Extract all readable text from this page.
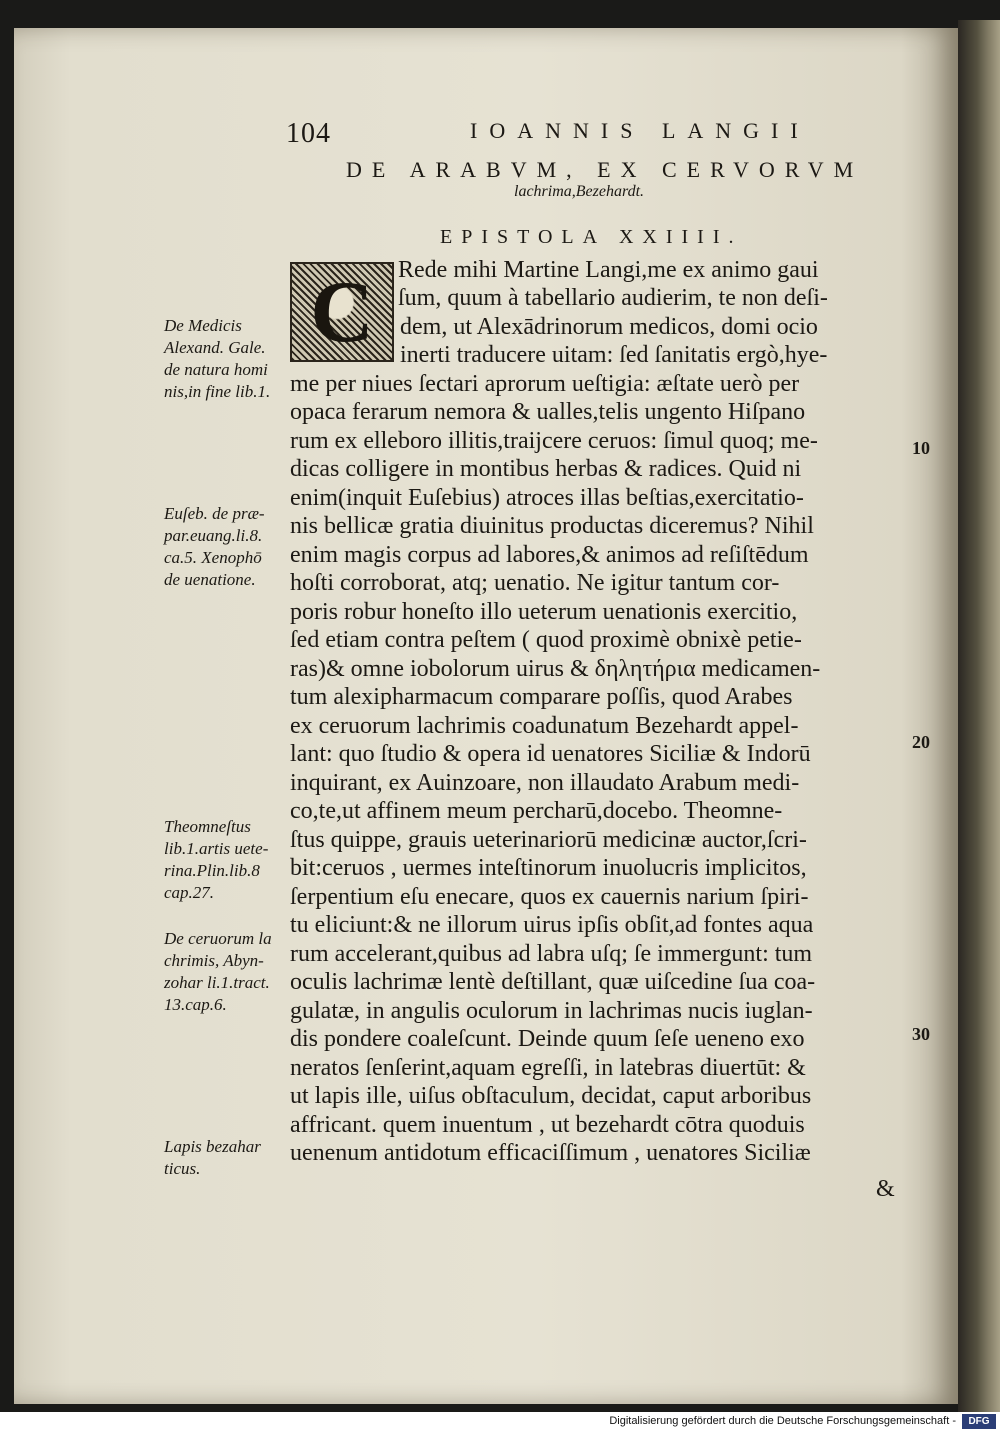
104	IOANNIS LANGII
DE ARABVM, EX CERVORVM
lachrima,Bezehardt.
EPISTOLA XXIIII.
C Rede mihi Martine Langi,me ex animo gaui
ſum, quum à tabellario audierim, te non deſi-
dem, ut Alexādrinorum medicos, domi ocio
inerti traducere uitam: ſed ſanitatis ergò,hye-
me per niues ſectari aprorum ueſtigia: æſtate uerò per
opaca ferarum nemora & ualles,telis ungento Hiſpano
rum ex elleboro illitis,traijcere ceruos: ſimul quoq; me-
dicas colligere in montibus herbas & radices. Quid ni
enim(inquit Euſebius) atroces illas beſtias,exercitatio-
nis bellicæ gratia diuinitus productas diceremus? Nihil
enim magis corpus ad labores,& animos ad reſiſtēdum
hoſti corroborat, atq; uenatio. Ne igitur tantum cor-
poris robur honeſto illo ueterum uenationis exercitio,
ſed etiam contra peſtem ( quod proximè obnixè petie-
ras)& omne iobolorum uirus & δηλητήρια medicamen-
tum alexipharmacum comparare poſſis, quod Arabes
ex ceruorum lachrimis coadunatum Bezehardt appel-
lant: quo ſtudio & opera id uenatores Siciliæ & Indorū
inquirant, ex Auinzoare, non illaudato Arabum medi-
co,te,ut affinem meum percharū,docebo. Theomne-
ſtus quippe, grauis ueterinariorū medicinæ auctor,ſcri-
bit:ceruos , uermes inteſtinorum inuolucris implicitos,
ſerpentium eſu enecare, quos ex cauernis narium ſpiri-
tu eliciunt:& ne illorum uirus ipſis obſit,ad fontes aqua
rum accelerant,quibus ad labra uſq; ſe immergunt: tum
oculis lachrimæ lentè deſtillant, quæ uiſcedine ſua coa-
gulatæ, in angulis oculorum in lachrimas nucis iuglan-
dis pondere coaleſcunt. Deinde quum ſeſe ueneno exo
neratos ſenſerint,aquam egreſſi, in latebras diuertūt: &
ut lapis ille, uiſus obſtaculum, decidat, caput arboribus
affricant. quem inuentum , ut bezehardt cōtra quoduis
uenenum antidotum efficaciſſimum , uenatores Siciliæ
&
De Medicis
Alexand. Gale.
de natura homi
nis,in fine lib.1.
Euſeb. de præ-
par.euang.li.8.
ca.5. Xenophō
de uenatione.
Theomneſtus
lib.1.artis uete-
rina.Plin.lib.8
cap.27.
De ceruorum la
chrimis, Abyn-
zohar li.1.tract.
13.cap.6.
Lapis bezahar
ticus.
10
20
30
Digitalisierung gefördert durch die Deutsche Forschungsgemeinschaft - DFG
